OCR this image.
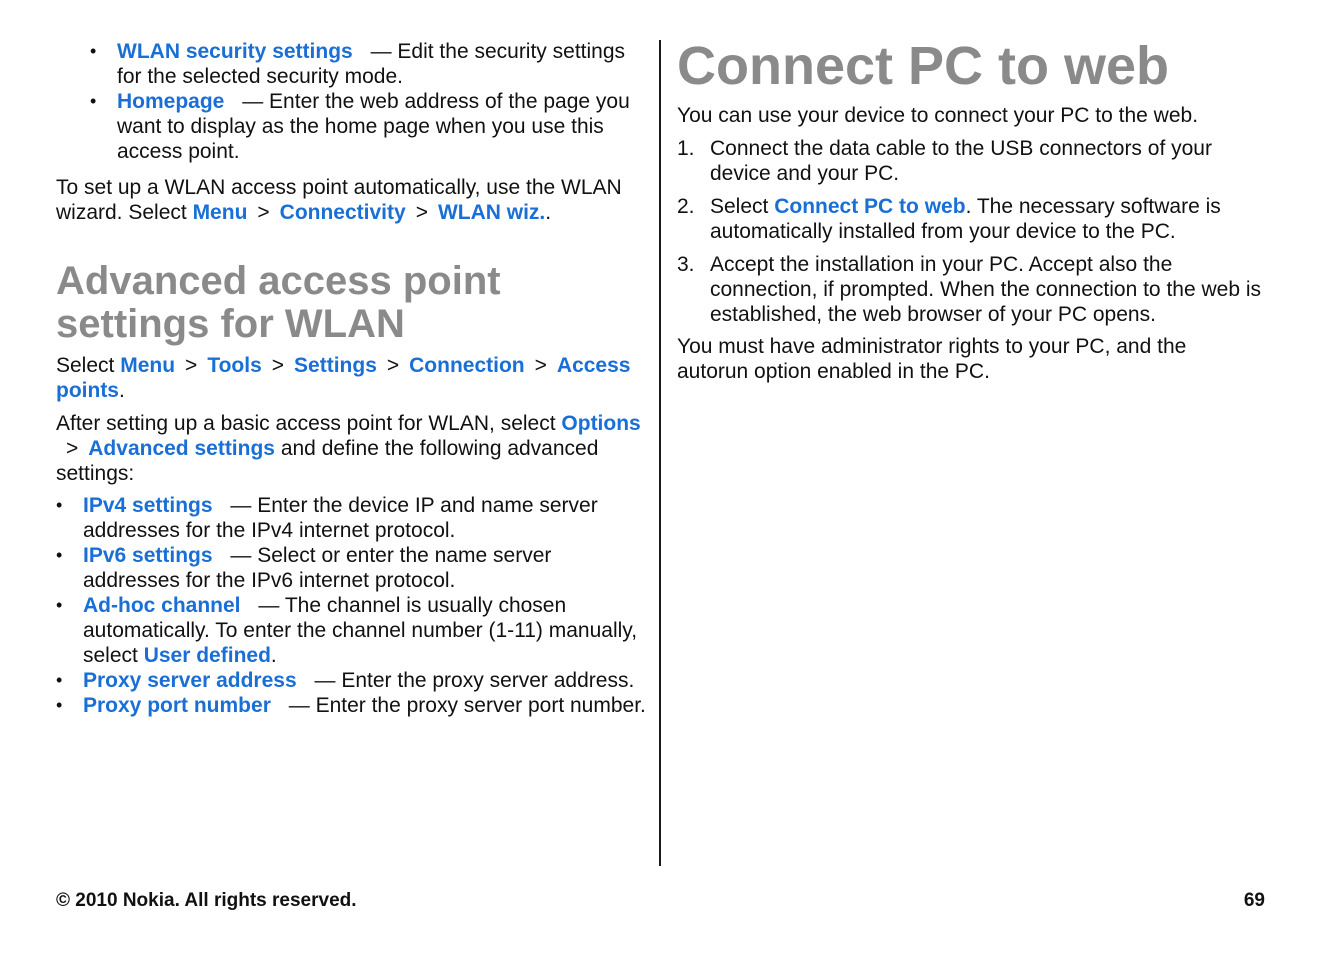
• WLAN security settings — Edit the security settings for the selected security mode.
• Homepage — Enter the web address of the page you want to display as the home page when you use this access point.

To set up a WLAN access point automatically, use the WLAN wizard. Select Menu > Connectivity > WLAN wiz..

Advanced access point settings for WLAN

Select Menu > Tools > Settings > Connection > Access points.

After setting up a basic access point for WLAN, select Options> Advanced settings and define the following advanced settings:

• IPv4 settings — Enter the device IP and name server addresses for the IPv4 internet protocol.
• IPv6 settings — Select or enter the name server addresses for the IPv6 internet protocol.
• Ad-hoc channel — The channel is usually chosen automatically. To enter the channel number (1-11) manually, select User defined.
• Proxy server address — Enter the proxy server address.
• Proxy port number — Enter the proxy server port number.
Connect PC to web

You can use your device to connect your PC to the web.

1. Connect the data cable to the USB connectors of your device and your PC.
2. Select Connect PC to web. The necessary software is automatically installed from your device to the PC.
3. Accept the installation in your PC. Accept also the connection, if prompted. When the connection to the web is established, the web browser of your PC opens.

You must have administrator rights to your PC, and the autorun option enabled in the PC.

© 2010 Nokia. All rights reserved.	69
